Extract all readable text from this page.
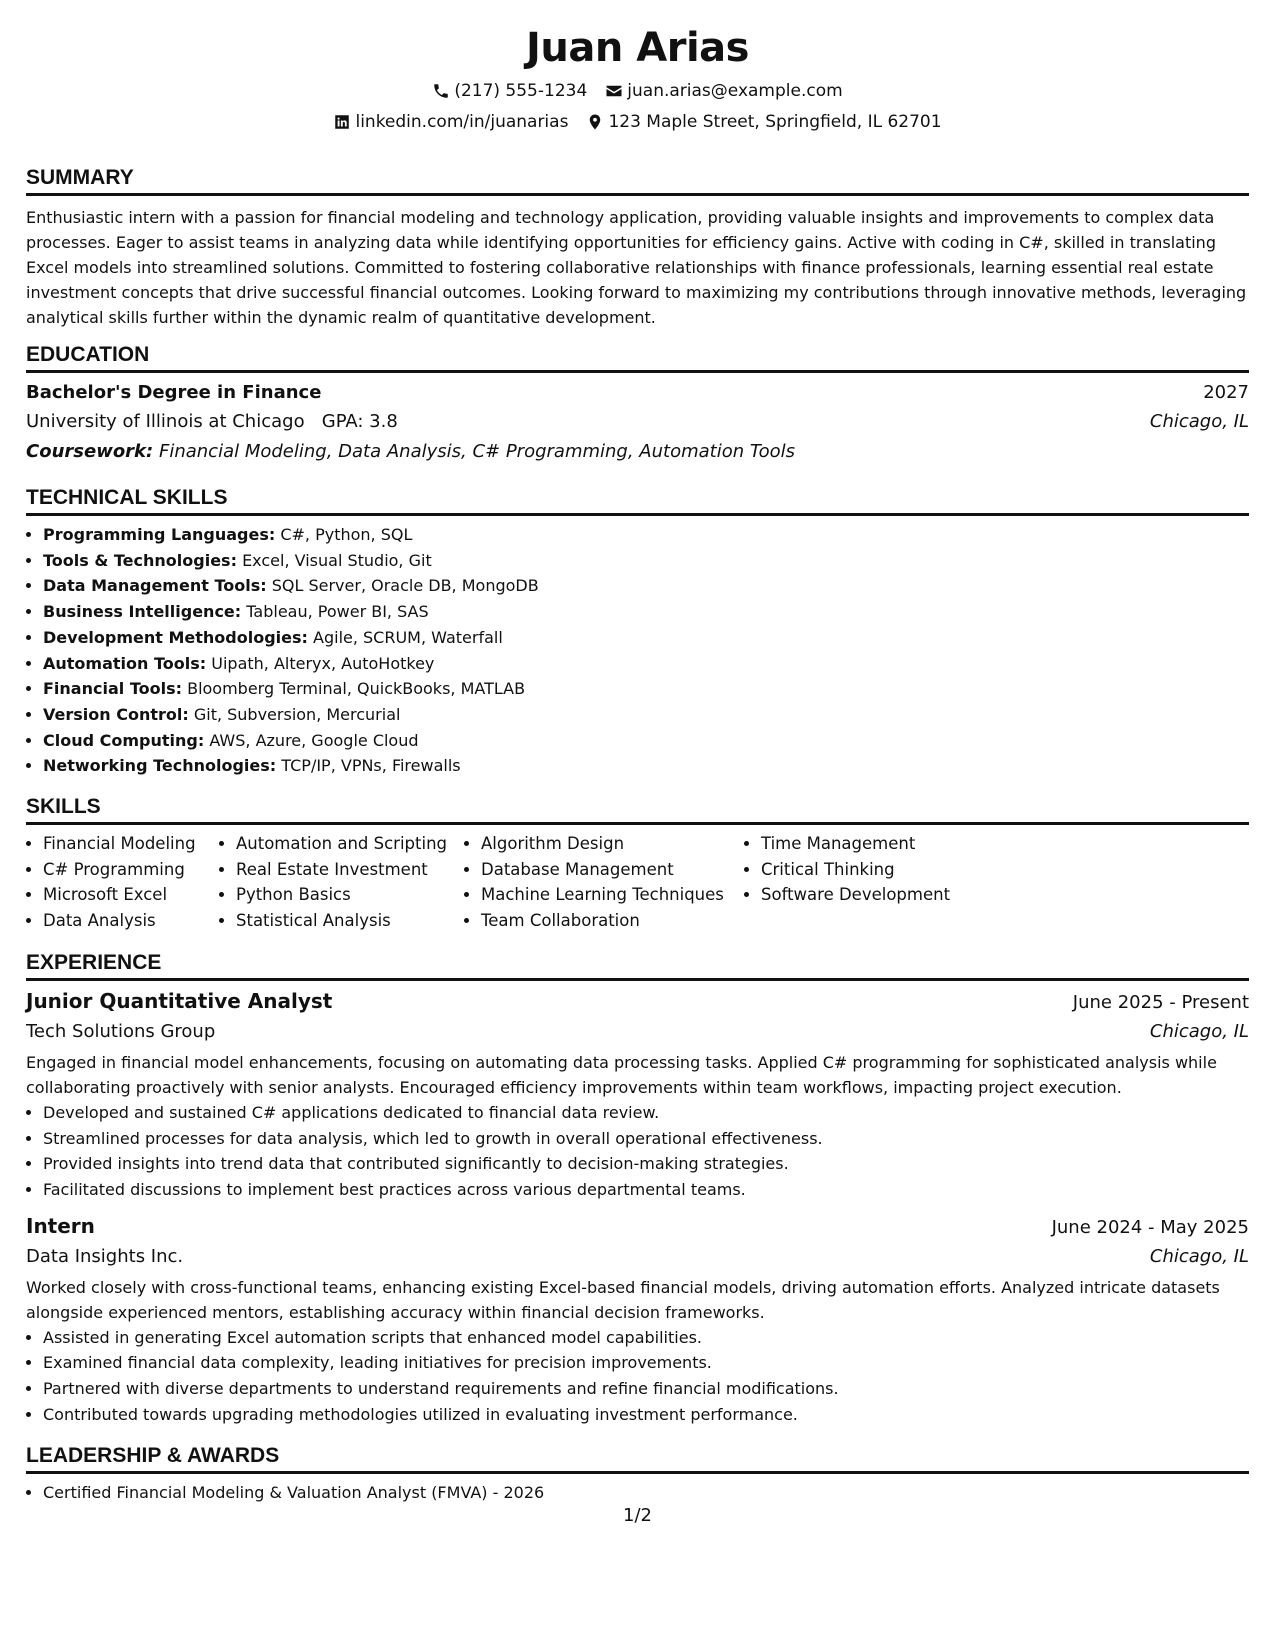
Juan Arias
(217) 555-1234 juan.arias@example.com
linkedin.com/in/juanarias 123 Maple Street, Springfield, IL 62701
SUMMARY

Enthusiastic intern with a passion for financial modeling and technology application, providing valuable insights and improvements to complex data processes. Eager to assist teams in analyzing data while identifying opportunities for efficiency gains. Active with coding in C#, skilled in translating Excel models into streamlined solutions. Committed to fostering collaborative relationships with finance professionals, learning essential real estate investment concepts that drive successful financial outcomes. Looking forward to maximizing my contributions through innovative methods, leveraging analytical skills further within the dynamic realm of quantitative development.

EDUCATION
Bachelor's Degree in Finance	2027
University of Illinois at Chicago GPA: 3.8	Chicago, IL
Coursework: Financial Modeling, Data Analysis, C# Programming, Automation Tools
TECHNICAL SKILLS
• Programming Languages: C#, Python, SQL
• Tools & Technologies: Excel, Visual Studio, Git
• Data Management Tools: SQL Server, Oracle DB, MongoDB
• Business Intelligence: Tableau, Power BI, SAS
• Development Methodologies: Agile, SCRUM, Waterfall
• Automation Tools: Uipath, Alteryx, AutoHotkey
• Financial Tools: Bloomberg Terminal, QuickBooks, MATLAB
• Version Control: Git, Subversion, Mercurial
• Cloud Computing: AWS, Azure, Google Cloud
• Networking Technologies: TCP/IP, VPNs, Firewalls
SKILLS
• Financial Modeling
• C# Programming
• Microsoft Excel
• Data Analysis
• Automation and Scripting
• Real Estate Investment
• Python Basics
• Statistical Analysis
• Algorithm Design
• Database Management
• Machine Learning Techniques
• Team Collaboration
• Time Management
• Critical Thinking
• Software Development
EXPERIENCE
Junior Quantitative Analyst	June 2025 - Present
Tech Solutions Group	Chicago, IL

Engaged in financial model enhancements, focusing on automating data processing tasks. Applied C# programming for sophisticated analysis while collaborating proactively with senior analysts. Encouraged efficiency improvements within team workflows, impacting project execution.

• Developed and sustained C# applications dedicated to financial data review.
• Streamlined processes for data analysis, which led to growth in overall operational effectiveness.
• Provided insights into trend data that contributed significantly to decision-making strategies.
• Facilitated discussions to implement best practices across various departmental teams.
Intern	June 2024 - May 2025
Data Insights Inc.	Chicago, IL

Worked closely with cross-functional teams, enhancing existing Excel-based financial models, driving automation efforts. Analyzed intricate datasets alongside experienced mentors, establishing accuracy within financial decision frameworks.

• Assisted in generating Excel automation scripts that enhanced model capabilities.
• Examined financial data complexity, leading initiatives for precision improvements.
• Partnered with diverse departments to understand requirements and refine financial modifications.
• Contributed towards upgrading methodologies utilized in evaluating investment performance.
LEADERSHIP & AWARDS
• Certified Financial Modeling & Valuation Analyst (FMVA) - 2026
1/2
